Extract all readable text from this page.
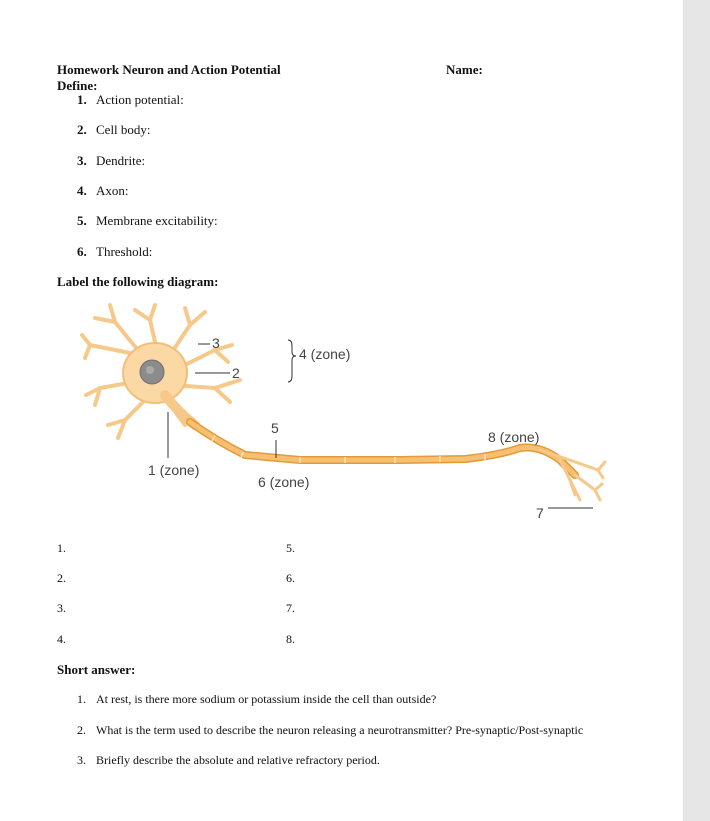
Homework Neuron and Action Potential	Name:
Define:
1. Action potential:
2. Cell body:
3. Dendrite:
4. Axon:
5. Membrane excitability:
6. Threshold:
Label the following diagram:
3
2
4 (zone)
5
8 (zone)
1 (zone)
6 (zone)
7
1.
2.
3.
4.
5.
6.
7.
8.
Short answer:
1. At rest, is there more sodium or potassium inside the cell than outside?
2. What is the term used to describe the neuron releasing a neurotransmitter? Pre-synaptic/Post-synaptic
3. Briefly describe the absolute and relative refractory period.
